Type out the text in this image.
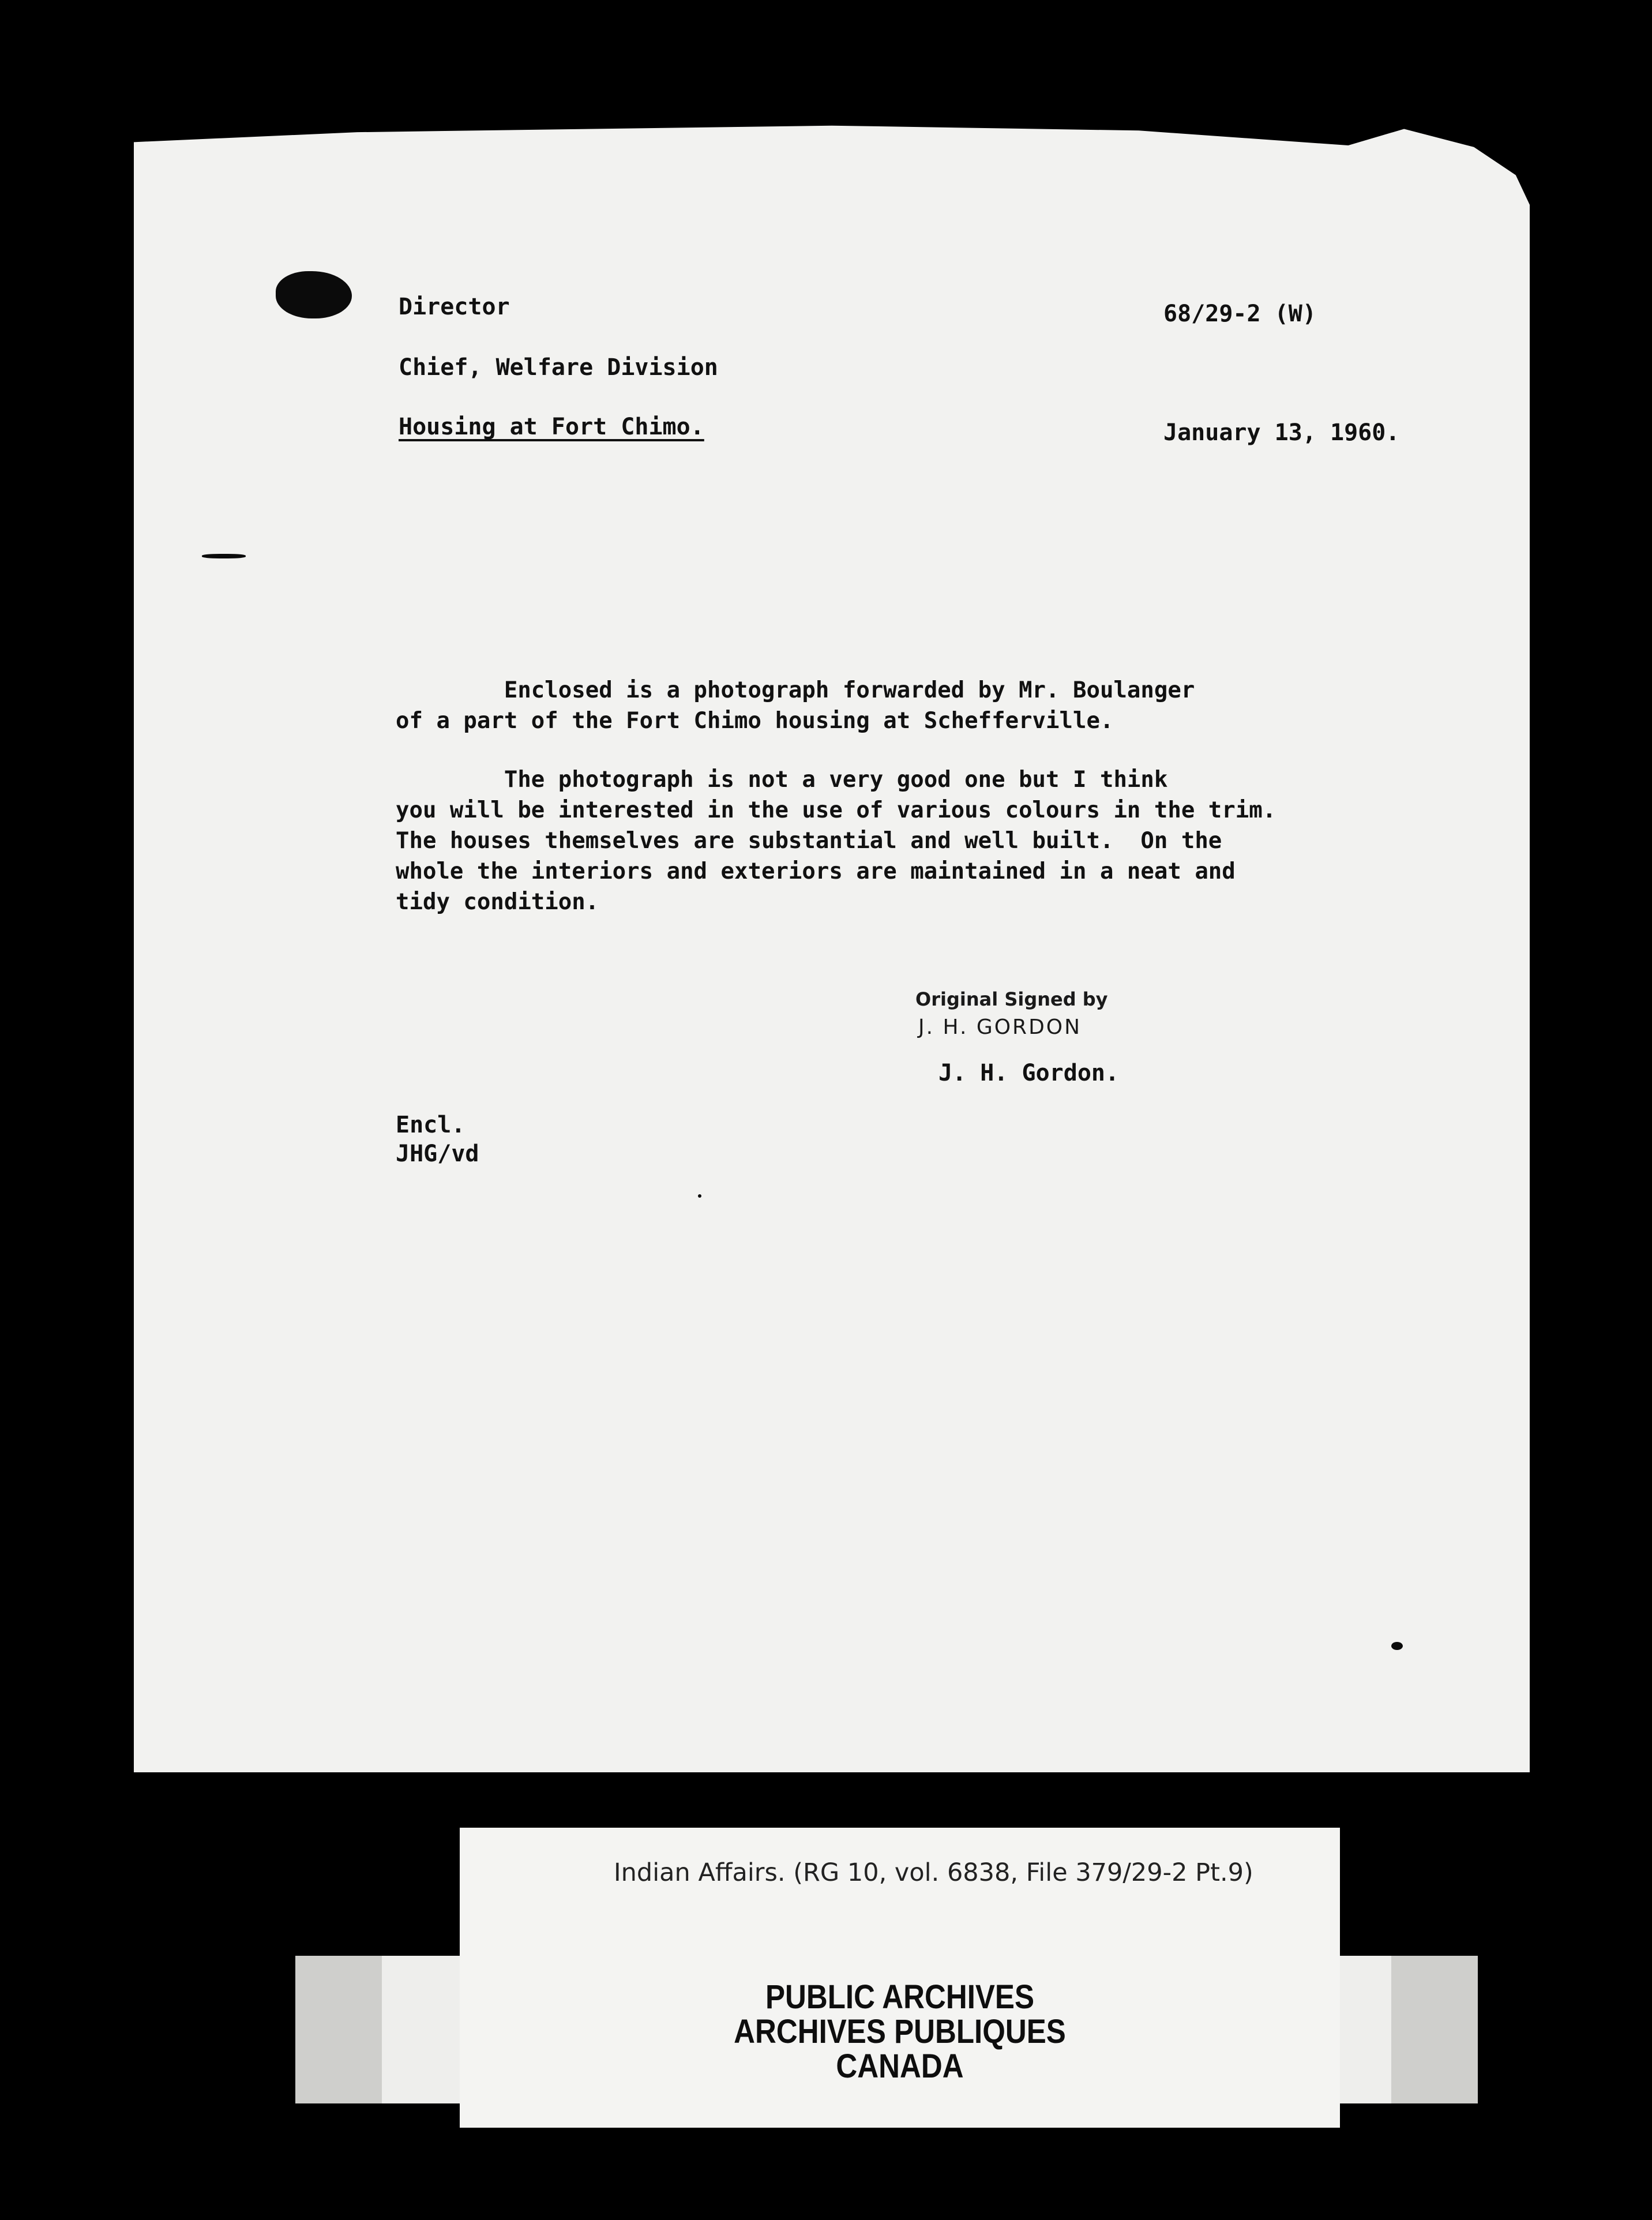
Director	68/29-2 (W)
Chief, Welfare Division
Housing at Fort Chimo.	January 13, 1960.
Enclosed is a photograph forwarded by Mr. Boulanger
of a part of the Fort Chimo housing at Schefferville.
The photograph is not a very good one but I think
you will be interested in the use of various colours in the trim.
The houses themselves are substantial and well built.  On the
whole the interiors and exteriors are maintained in a neat and
tidy condition.
Original Signed by
J. H. GORDON
J. H. Gordon.
Encl.
JHG/vd
Indian Affairs. (RG 10, vol. 6838, File 379/29-2 Pt.9)
PUBLIC ARCHIVES
ARCHIVES PUBLIQUES
CANADA
